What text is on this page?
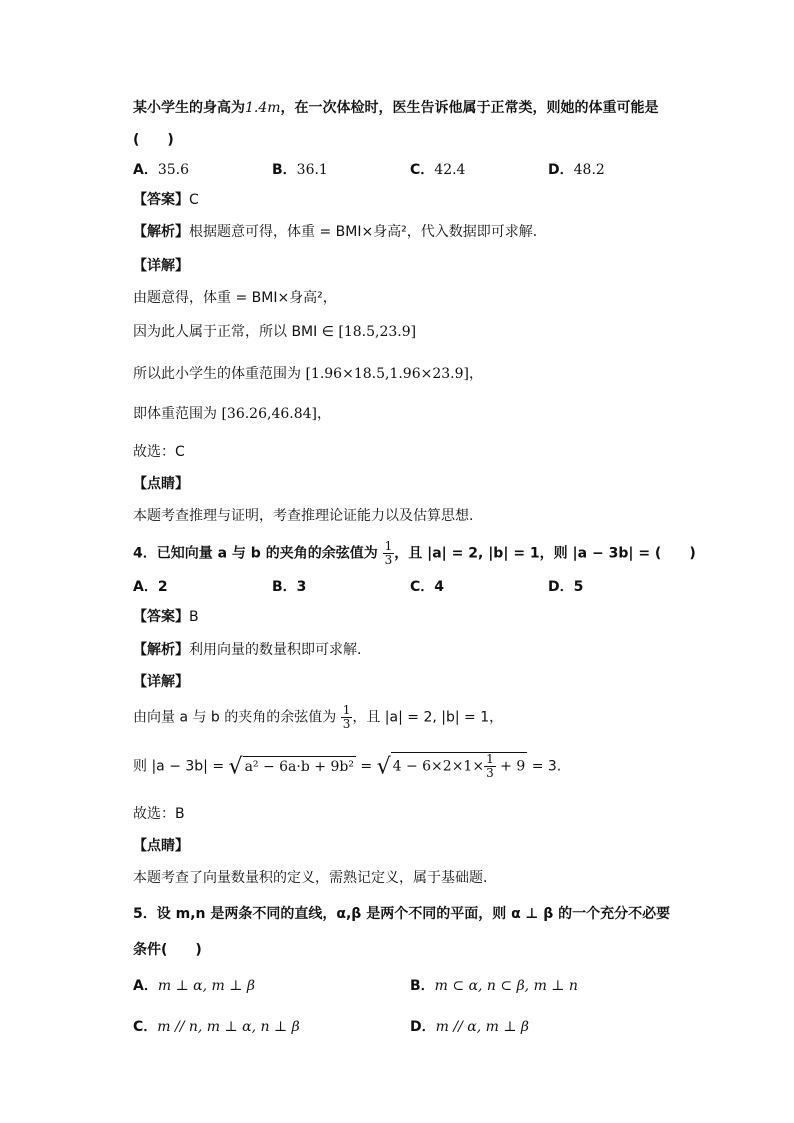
某小学生的身高为1.4m，在一次体检时，医生告诉他属于正常类，则她的体重可能是
(　　)
A．35.6	B．36.1	C．42.4	D．48.2
【答案】C
【解析】根据题意可得，体重 = BMI×身高²，代入数据即可求解.
【详解】
由题意得，体重 = BMI×身高²，
因为此人属于正常，所以 BMI ∈ [18.5,23.9]
所以此小学生的体重范围为 [1.96×18.5,1.96×23.9]，
即体重范围为 [36.26,46.84]，
故选：C
【点睛】
本题考查推理与证明，考查推理论证能力以及估算思想.
4．已知向量 a 与 b 的夹角的余弦值为 $\frac{1}{3}$ ，且 |a| = 2, |b| = 1，则 |a − 3b| = (　　)
A．2	B．3	C．4	D．5
【答案】B
【解析】利用向量的数量积即可求解.
【详解】
由向量 a 与 b 的夹角的余弦值为 $\frac{1}{3}$ ，且 |a| = 2, |b| = 1，
则 |a − 3b| = √ a² − 6a·b + 9b² = √ $4 - 6\times 2\times 1\times \frac{1}{3} + 9 = 3$.
故选：B
【点睛】
本题考查了向量数量积的定义，需熟记定义，属于基础题.
5．设 m,n 是两条不同的直线，α,β 是两个不同的平面，则 α ⊥ β 的一个充分不必要
条件(　　)
A．m ⊥ α, m ⊥ β	B．m ⊂ α, n ⊂ β, m ⊥ n
C．m // n, m ⊥ α, n ⊥ β	D．m // α, m ⊥ β
